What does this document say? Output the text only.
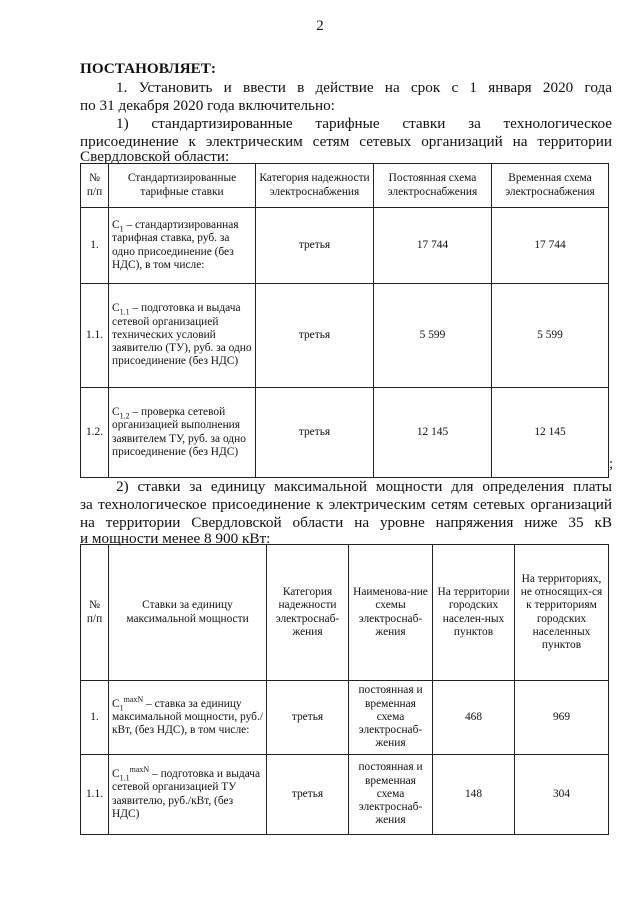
2
ПОСТАНОВЛЯЕТ:
1. Установить и ввести в действие на срок с 1 января 2020 года
по 31 декабря 2020 года включительно:
1) стандартизированные тарифные ставки за технологическое
присоединение к электрическим сетям сетевых организаций на территории
Свердловской области:
№ п/п	Стандартизированные тарифные ставки	Категория надежности электроснабжения	Постоянная схема электроснабжения	Временная схема электроснабжения
1.	$С_1$ – стандартизированная тарифная ставка, руб. за одно присоединение (без НДС), в том числе:	третья	17 744	17 744
1.1.	$С_{1.1}$ – подготовка и выдача сетевой организацией технических условий заявителю (ТУ), руб. за одно присоединение (без НДС)	третья	5 599	5 599
1.2.	$С_{1.2}$ – проверка сетевой организацией выполнения заявителем ТУ, руб. за одно присоединение (без НДС)	третья	12 145	12 145
;
2) ставки за единицу максимальной мощности для определения платы
за технологическое присоединение к электрическим сетям сетевых организаций
на территории Свердловской области на уровне напряжения ниже 35 кВ
и мощности менее 8 900 кВт:
№ п/п	Ставки за единицу максимальной мощности	Категория надежности электроснаб-жения	Наименова-ние схемы электроснаб-жения	На территории городских населен-ных пунктов	На территориях, не относящих-ся к территориям городских населенных пунктов
1.	$С_1^{maxN}$ – ставка за единицу максимальной мощности, руб./кВт, (без НДС), в том числе:	третья	постоянная и временная схема электроснаб-жения	468	969
1.1.	$С_{1.1}^{maxN}$ – подготовка и выдача сетевой организацией ТУ заявителю, руб./кВт, (без НДС)	третья	постоянная и временная схема электроснаб-жения	148	304
